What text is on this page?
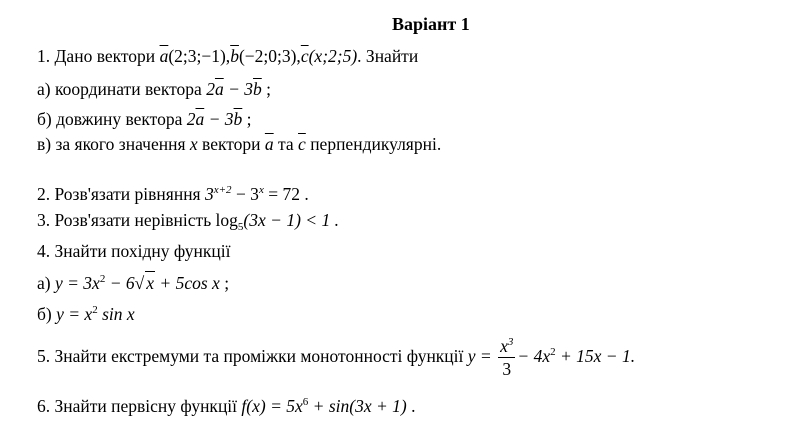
Варіант 1
1. Дано вектори $\overline{a}(2;3;-1),\overline{b}(-2;0;3),\overline{c}(x;2;5)$. Знайти
а) координати вектора $2\overline{a} - 3\overline{b}$ ;
б) довжину вектора $2\overline{a} - 3\overline{b}$ ;
в) за якого значення x вектори $\overline{a}$ та $\overline{c}$ перпендикулярні.
2. Розв'язати рівняння $3^{x+2} - 3^x = 72$ .
3. Розв'язати нерівність $\log_5(3x - 1) < 1$ .
4. Знайти похідну функції
а) $y = 3x^2 - 6√$ x + 5cos x ;
б) $y = x^2$ sin x
5. Знайти екстремуми та проміжки монотонності функції $y = \frac{x^3}{3} - 4x^2 + 15x - 1$.
6. Знайти первісну функції $f(x) = 5x^6 + \sin(3x + 1)$ .
